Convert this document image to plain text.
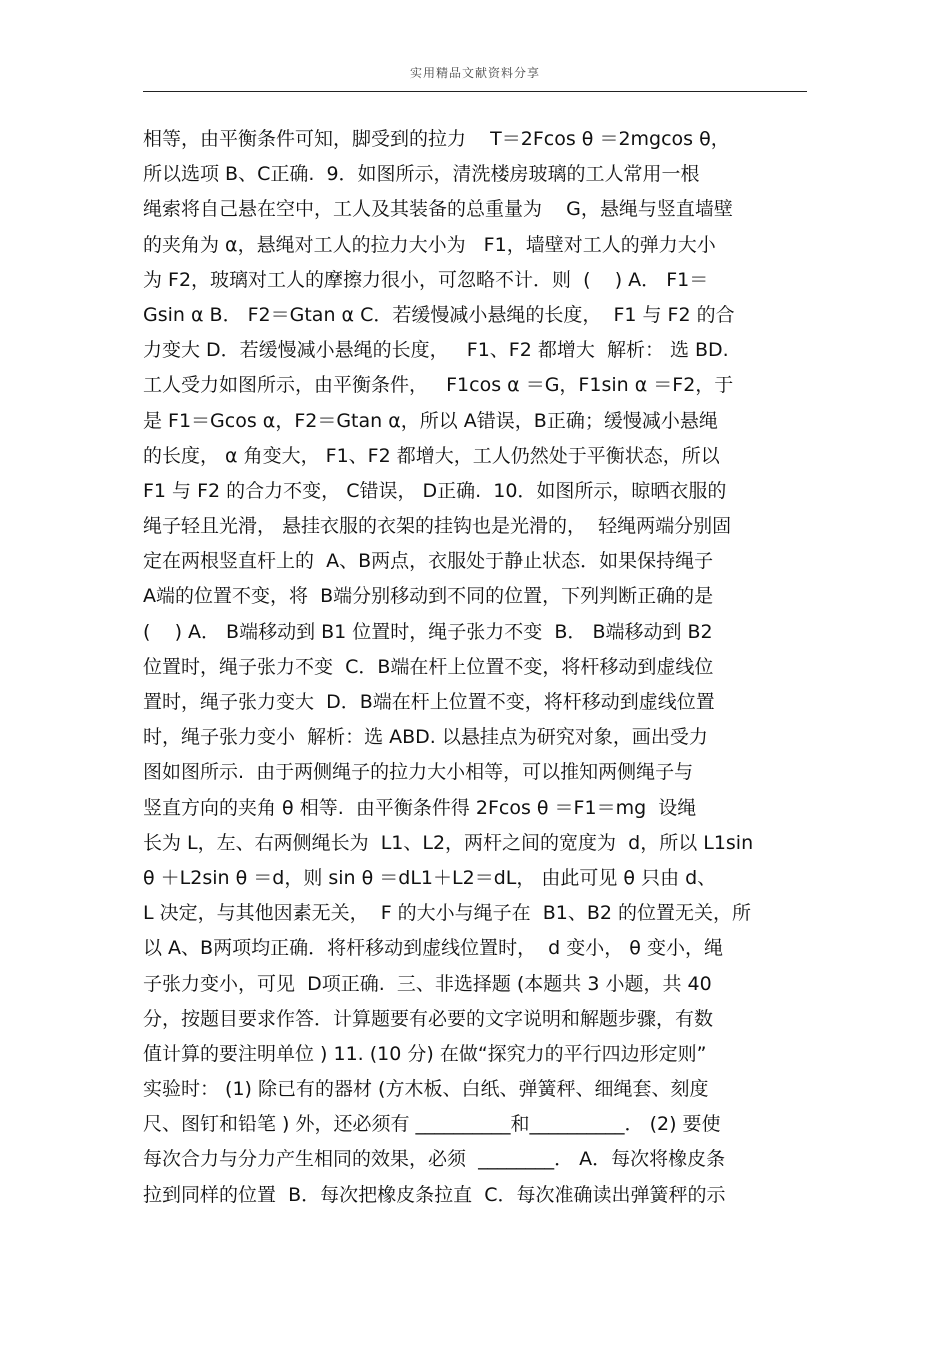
实用精品文献资料分享
相等，由平衡条件可知，脚受到的拉力    T＝2Fcos θ ＝2mgcos θ，
所以选项 B、C正确.  9．如图所示，清洗楼房玻璃的工人常用一根
绳索将自己悬在空中，工人及其装备的总重量为    G，悬绳与竖直墙壁
的夹角为 α，悬绳对工人的拉力大小为   F1，墙壁对工人的弹力大小
为 F2，玻璃对工人的摩擦力很小，可忽略不计．则  (    ) A． F1＝
Gsin α B． F2＝Gtan α C．若缓慢减小悬绳的长度，  F1 与 F2 的合
力变大 D．若缓慢减小悬绳的长度，   F1、F2 都增大  解析： 选 BD.
工人受力如图所示，由平衡条件，   F1cos α ＝G，F1sin α ＝F2，于
是 F1＝Gcos α，F2＝Gtan α，所以 A错误，B正确；缓慢减小悬绳
的长度， α 角变大， F1、F2 都增大，工人仍然处于平衡状态，所以
F1 与 F2 的合力不变， C错误， D正确.  10．如图所示，晾晒衣服的
绳子轻且光滑， 悬挂衣服的衣架的挂钩也是光滑的，  轻绳两端分别固
定在两根竖直杆上的  A、B两点，衣服处于静止状态．如果保持绳子
A端的位置不变，将  B端分别移动到不同的位置，下列判断正确的是
(    ) A． B端移动到 B1 位置时，绳子张力不变  B． B端移动到 B2
位置时，绳子张力不变  C．B端在杆上位置不变，将杆移动到虚线位
置时，绳子张力变大  D．B端在杆上位置不变，将杆移动到虚线位置
时，绳子张力变小  解析：选 ABD. 以悬挂点为研究对象，画出受力
图如图所示.  由于两侧绳子的拉力大小相等，可以推知两侧绳子与
竖直方向的夹角 θ 相等.  由平衡条件得 2Fcos θ ＝F1＝mg  设绳
长为 L，左、右两侧绳长为  L1、L2，两杆之间的宽度为  d，所以 L1sin
θ ＋L2sin θ ＝d，则 sin θ ＝dL1＋L2＝dL， 由此可见 θ 只由 d、
L 决定，与其他因素无关，  F 的大小与绳子在  B1、B2 的位置无关，所
以 A、B两项均正确．将杆移动到虚线位置时，  d 变小， θ 变小，绳
子张力变小，可见  D项正确.  三、非选择题 (本题共 3 小题，共 40
分，按题目要求作答．计算题要有必要的文字说明和解题步骤，有数
值计算的要注明单位 ) 11. (10 分) 在做“探究力的平行四边形定则”
实验时： (1) 除已有的器材 (方木板、白纸、弹簧秤、细绳套、刻度
尺、图钉和铅笔 ) 外，还必须有 __________和__________． (2) 要使
每次合力与分力产生相同的效果，必须  ________． A．每次将橡皮条
拉到同样的位置  B．每次把橡皮条拉直  C．每次准确读出弹簧秤的示
